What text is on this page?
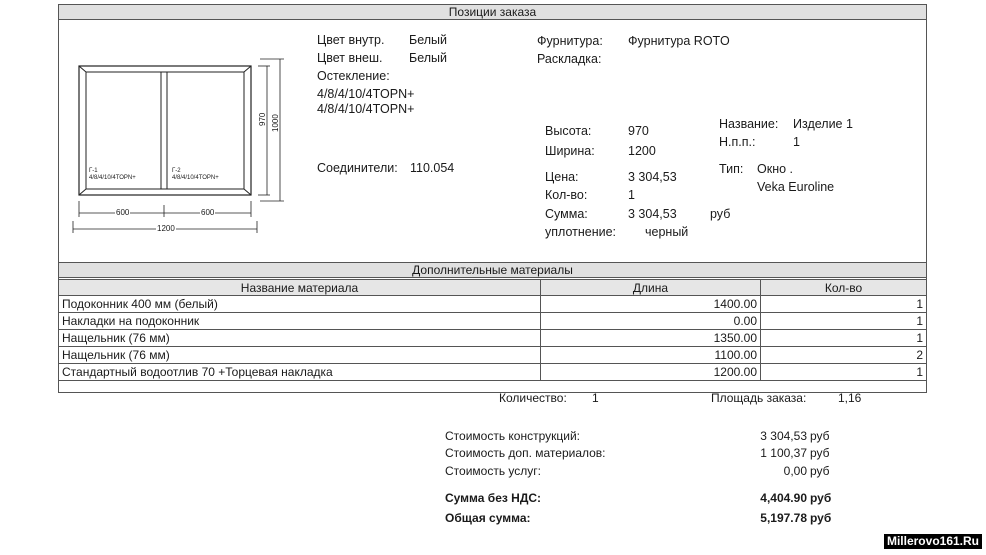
Позиции заказа
Г-1
4/8/4/10/4TOPN+
Г-2
4/8/4/10/4TOPN+
970 1000
600	600
1200
Цвет внутр. Белый
Цвет внеш. Белый
Остекление:
4/8/4/10/4TOPN+
4/8/4/10/4TOPN+
Соединители: 110.054
Фурнитура: Фурнитура ROTO
Раскладка:
Высота:	970
Ширина:	1200
Цена:	3 304,53
Кол-во:	1
Сумма:	3 304,53	руб
уплотнение: черный
Название: Изделие 1
Н.п.п.:	1
Тип: Окно .
Veka Euroline
Дополнительные материалы
Название материала	Длина	Кол-во
Подоконник 400 мм (белый)	1400.00	1
Накладки на подоконник	0.00	1
Нащельник (76 мм)	1350.00	1
Нащельник (76 мм)	1100.00	2
Стандартный водоотлив 70 +Торцевая накладка	1200.00	1
Количество: 1	Площадь заказа:	1,16
Стоимость конструкций:	3 304,53 руб
Стоимость доп. материалов:	1 100,37 руб
Стоимость услуг:	0,00 руб
Сумма без НДС:	4,404.90 руб
Общая сумма:	5,197.78 руб
Millerovo161.Ru
